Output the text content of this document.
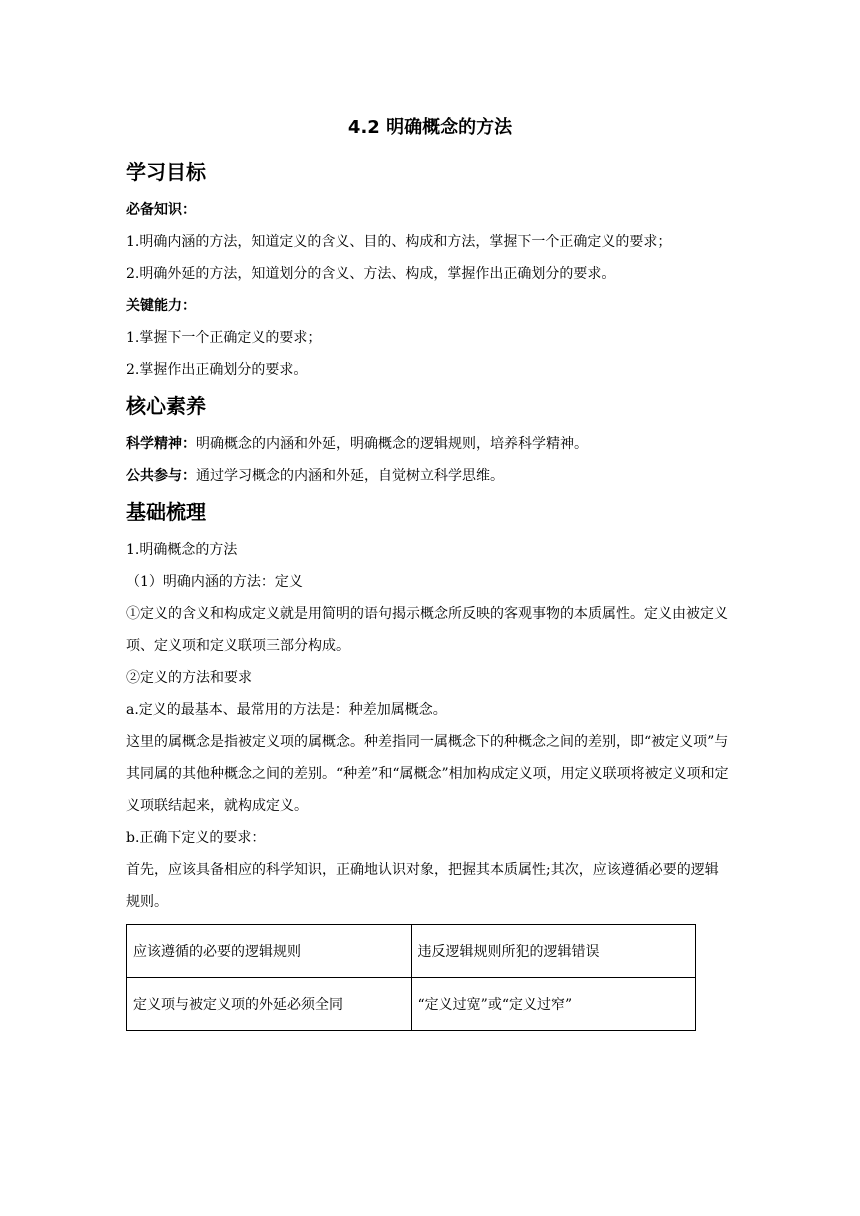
4.2 明确概念的方法
学习目标

必备知识：

1.明确内涵的方法，知道定义的含义、目的、构成和方法，掌握下一个正确定义的要求；

2.明确外延的方法，知道划分的含义、方法、构成，掌握作出正确划分的要求。

关键能力：

1.掌握下一个正确定义的要求；

2.掌握作出正确划分的要求。

核心素养

科学精神：明确概念的内涵和外延，明确概念的逻辑规则，培养科学精神。

公共参与：通过学习概念的内涵和外延，自觉树立科学思维。

基础梳理

1.明确概念的方法

（1）明确内涵的方法：定义

①定义的含义和构成定义就是用简明的语句揭示概念所反映的客观事物的本质属性。定义由被定义项、定义项和定义联项三部分构成。

②定义的方法和要求

a.定义的最基本、最常用的方法是：种差加属概念。

这里的属概念是指被定义项的属概念。种差指同一属概念下的种概念之间的差别，即“被定义项”与其同属的其他种概念之间的差别。“种差”和“属概念”相加构成定义项，用定义联项将被定义项和定义项联结起来，就构成定义。

b.正确下定义的要求：

首先，应该具备相应的科学知识，正确地认识对象，把握其本质属性;其次，应该遵循必要的逻辑规则。

应该遵循的必要的逻辑规则	违反逻辑规则所犯的逻辑错误
定义项与被定义项的外延必须全同	“定义过宽”或“定义过窄”
